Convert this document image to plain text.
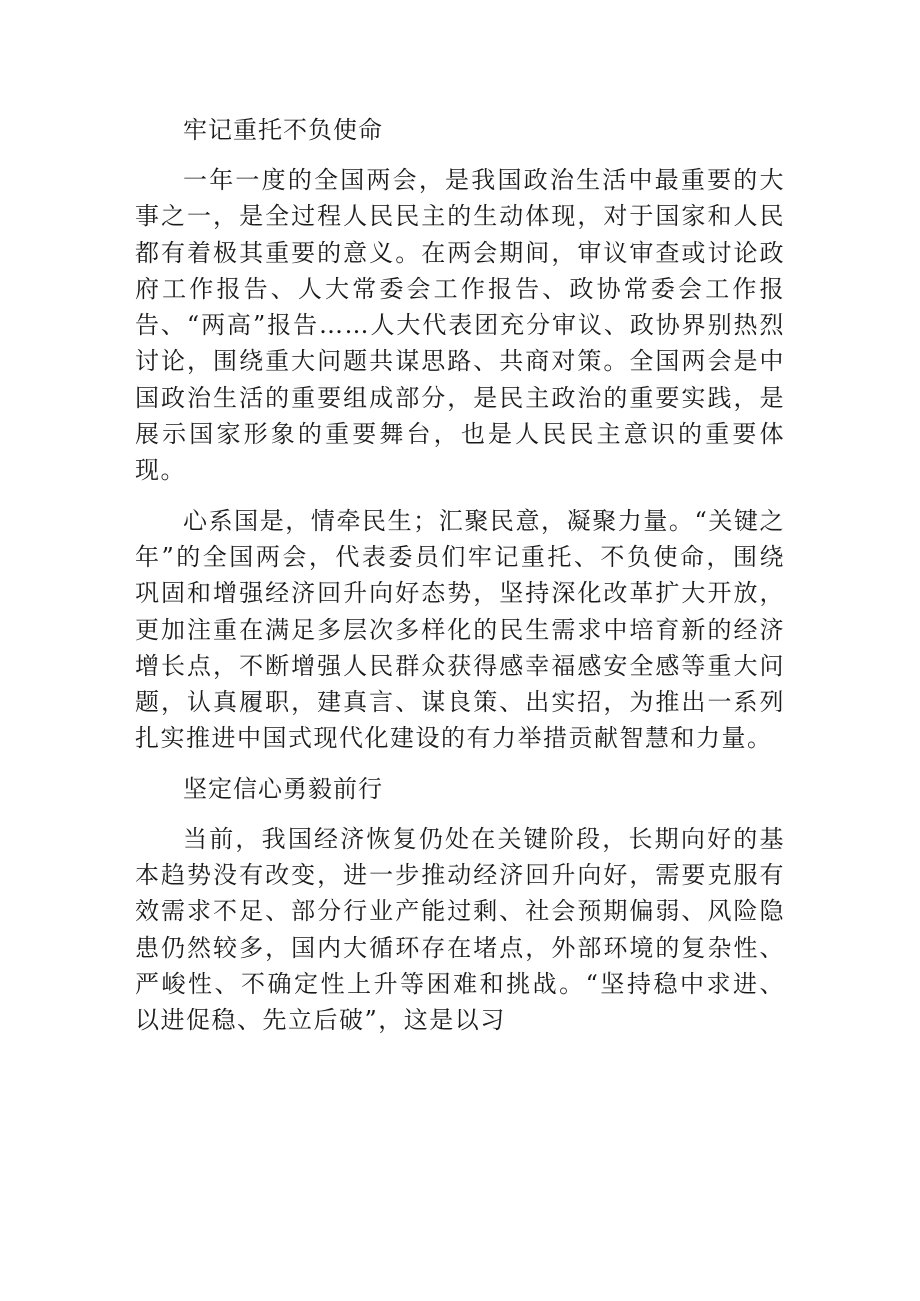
牢记重托不负使命

一年一度的全国两会，是我国政治生活中最重要的大事之一，是全过程人民民主的生动体现，对于国家和人民都有着极其重要的意义。在两会期间，审议审查或讨论政府工作报告、人大常委会工作报告、政协常委会工作报告、“两高”报告……人大代表团充分审议、政协界别热烈讨论，围绕重大问题共谋思路、共商对策。全国两会是中国政治生活的重要组成部分，是民主政治的重要实践，是展示国家形象的重要舞台，也是人民民主意识的重要体现。

心系国是，情牵民生；汇聚民意，凝聚力量。“关键之年”的全国两会，代表委员们牢记重托、不负使命，围绕巩固和增强经济回升向好态势，坚持深化改革扩大开放，更加注重在满足多层次多样化的民生需求中培育新的经济增长点，不断增强人民群众获得感幸福感安全感等重大问题，认真履职，建真言、谋良策、出实招，为推出一系列扎实推进中国式现代化建设的有力举措贡献智慧和力量。

坚定信心勇毅前行

当前，我国经济恢复仍处在关键阶段，长期向好的基本趋势没有改变，进一步推动经济回升向好，需要克服有效需求不足、部分行业产能过剩、社会预期偏弱、风险隐患仍然较多，国内大循环存在堵点，外部环境的复杂性、严峻性、不确定性上升等困难和挑战。“坚持稳中求进、以进促稳、先立后破”，这是以习
